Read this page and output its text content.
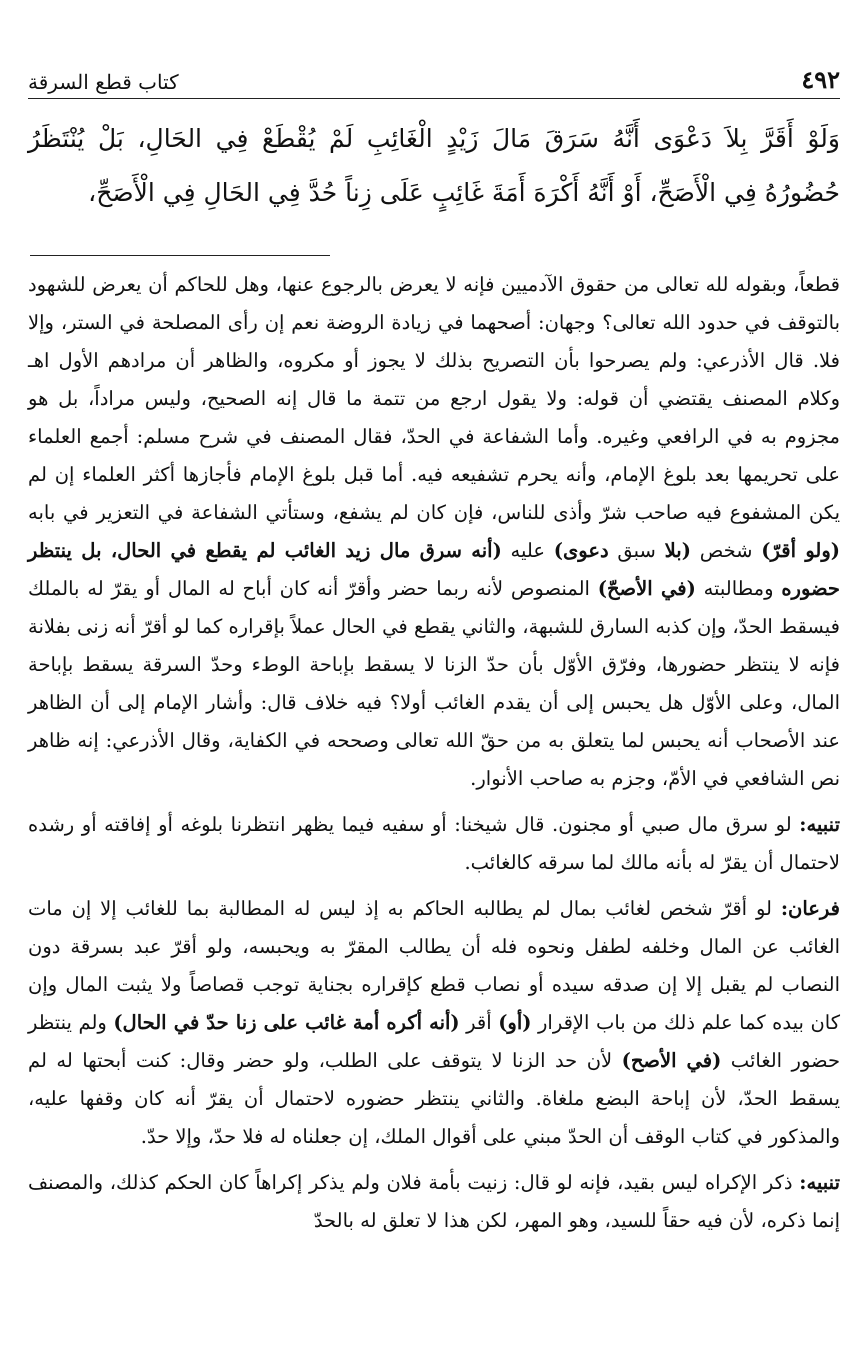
٤٩٢
كتاب قطع السرقة

وَلَوْ أَقَرَّ بِلاَ دَعْوَى أَنَّهُ سَرَقَ مَالَ زَيْدٍ الْغَائِبِ لَمْ يُقْطَعْ فِي الحَالِ، بَلْ يُنْتَظَرُ حُضُورُهُ فِي الْأَصَحِّ، أَوْ أَنَّهُ أَكْرَهَ أَمَةَ غَائِبٍ عَلَى زِناً حُدَّ فِي الحَالِ فِي الْأَصَحِّ،

قطعاً، وبقوله لله تعالى من حقوق الآدميين فإنه لا يعرض بالرجوع عنها، وهل للحاكم أن يعرض للشهود بالتوقف في حدود الله تعالى؟ وجهان: أصحهما في زيادة الروضة نعم إن رأى المصلحة في الستر، وإلا فلا. قال الأذرعي: ولم يصرحوا بأن التصريح بذلك لا يجوز أو مكروه، والظاهر أن مرادهم الأول اهـ وكلام المصنف يقتضي أن قوله: ولا يقول ارجع من تتمة ما قال إنه الصحيح، وليس مراداً، بل هو مجزوم به في الرافعي وغيره. وأما الشفاعة في الحدّ، فقال المصنف في شرح مسلم: أجمع العلماء على تحريمها بعد بلوغ الإمام، وأنه يحرم تشفيعه فيه. أما قبل بلوغ الإمام فأجازها أكثر العلماء إن لم يكن المشفوع فيه صاحب شرّ وأذى للناس، فإن كان لم يشفع، وستأتي الشفاعة في التعزير في بابه (ولو أقرّ) شخص (بلا سبق دعوى) عليه (أنه سرق مال زيد الغائب لم يقطع في الحال، بل ينتظر حضوره ومطالبته (في الأصحّ) المنصوص لأنه ربما حضر وأقرّ أنه كان أباح له المال أو يقرّ له بالملك فيسقط الحدّ، وإن كذبه السارق للشبهة، والثاني يقطع في الحال عملاً بإقراره كما لو أقرّ أنه زنى بفلانة فإنه لا ينتظر حضورها، وفرّق الأوّل بأن حدّ الزنا لا يسقط بإباحة الوطء وحدّ السرقة يسقط بإباحة المال، وعلى الأوّل هل يحبس إلى أن يقدم الغائب أولا؟ فيه خلاف قال: وأشار الإمام إلى أن الظاهر عند الأصحاب أنه يحبس لما يتعلق به من حقّ الله تعالى وصححه في الكفاية، وقال الأذرعي: إنه ظاهر نص الشافعي في الأمّ، وجزم به صاحب الأنوار.

تنبيه: لو سرق مال صبي أو مجنون. قال شيخنا: أو سفيه فيما يظهر انتظرنا بلوغه أو إفاقته أو رشده لاحتمال أن يقرّ له بأنه مالك لما سرقه كالغائب.

فرعان: لو أقرّ شخص لغائب بمال لم يطالبه الحاكم به إذ ليس له المطالبة بما للغائب إلا إن مات الغائب عن المال وخلفه لطفل ونحوه فله أن يطالب المقرّ به ويحبسه، ولو أقرّ عبد بسرقة دون النصاب لم يقبل إلا إن صدقه سيده أو نصاب قطع كإقراره بجناية توجب قصاصاً ولا يثبت المال وإن كان بيده كما علم ذلك من باب الإقرار (أو) أقر (أنه أكره أمة غائب على زنا حدّ في الحال) ولم ينتظر حضور الغائب (في الأصح) لأن حد الزنا لا يتوقف على الطلب، ولو حضر وقال: كنت أبحتها له لم يسقط الحدّ، لأن إباحة البضع ملغاة. والثاني ينتظر حضوره لاحتمال أن يقرّ أنه كان وقفها عليه، والمذكور في كتاب الوقف أن الحدّ مبني على أقوال الملك، إن جعلناه له فلا حدّ، وإلا حدّ.

تنبيه: ذكر الإكراه ليس بقيد، فإنه لو قال: زنيت بأمة فلان ولم يذكر إكراهاً كان الحكم كذلك، والمصنف إنما ذكره، لأن فيه حقاً للسيد، وهو المهر، لكن هذا لا تعلق له بالحدّ
